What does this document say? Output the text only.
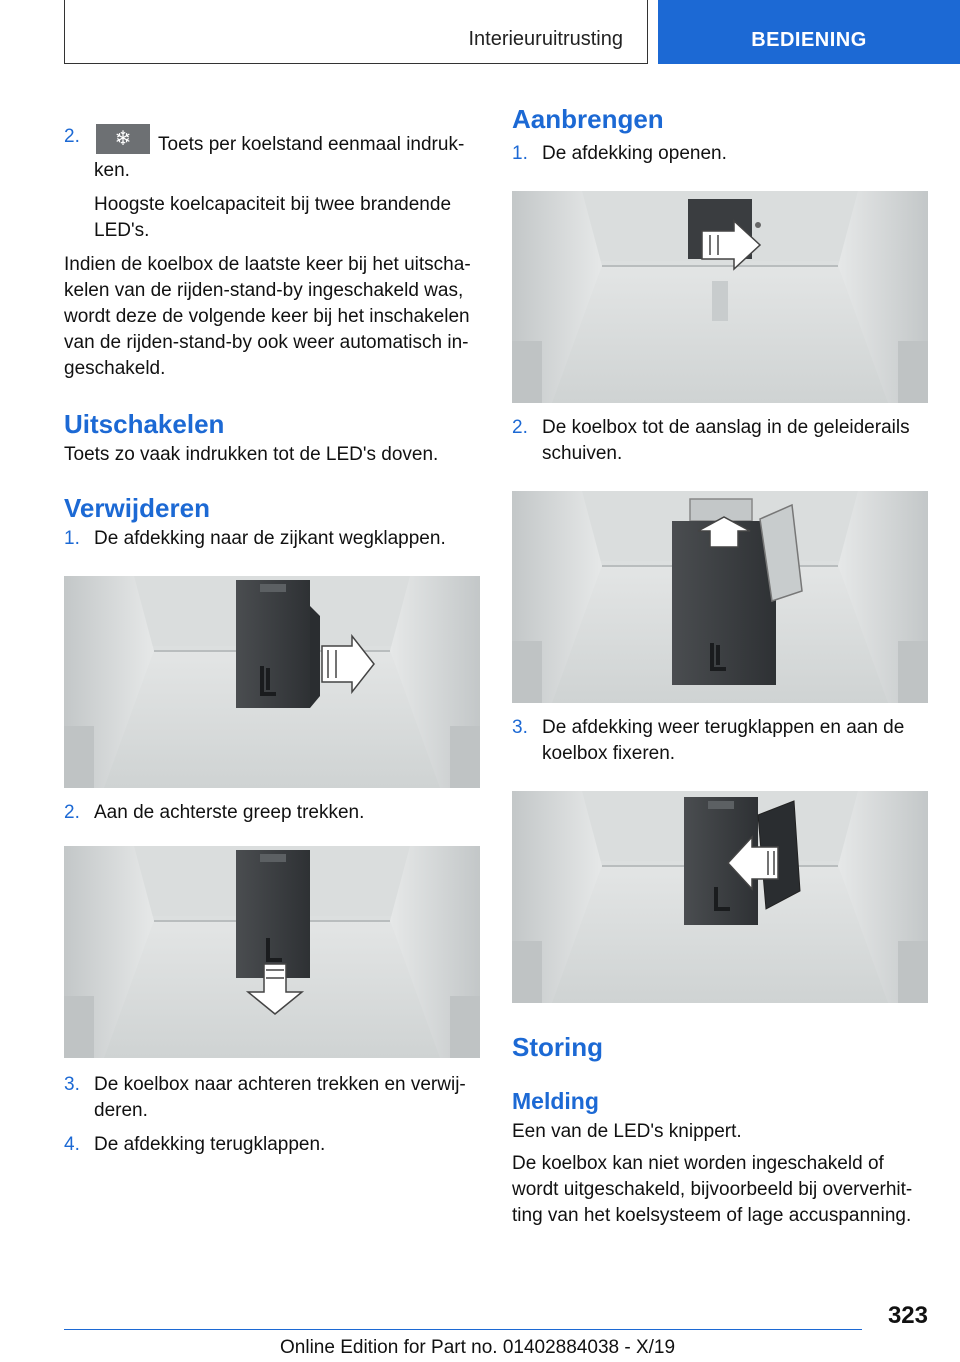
Interieuruitrusting	BEDIENING

2.	❄	Toets per koelstand eenmaal indruk-ken.

Hoogste koelcapaciteit bij twee brandende LED's.

Indien de koelbox de laatste keer bij het uitscha-kelen van de rijden-stand-by ingeschakeld was, wordt deze de volgende keer bij het inschakelen van de rijden-stand-by ook weer automatisch in-geschakeld.

Uitschakelen

Toets zo vaak indrukken tot de LED's doven.

Verwijderen

1. De afdekking naar de zijkant wegklappen.

2. Aan de achterste greep trekken.

3. De koelbox naar achteren trekken en verwij-deren.

4. De afdekking terugklappen.

Aanbrengen

1. De afdekking openen.

2. De koelbox tot de aanslag in de geleiderails schuiven.

3. De afdekking weer terugklappen en aan de koelbox fixeren.

Storing
Melding

Een van de LED's knippert.

De koelbox kan niet worden ingeschakeld of wordt uitgeschakeld, bijvoorbeeld bij oververhit-ting van het koelsysteem of lage accuspanning.

323
Online Edition for Part no. 01402884038 - X/19
